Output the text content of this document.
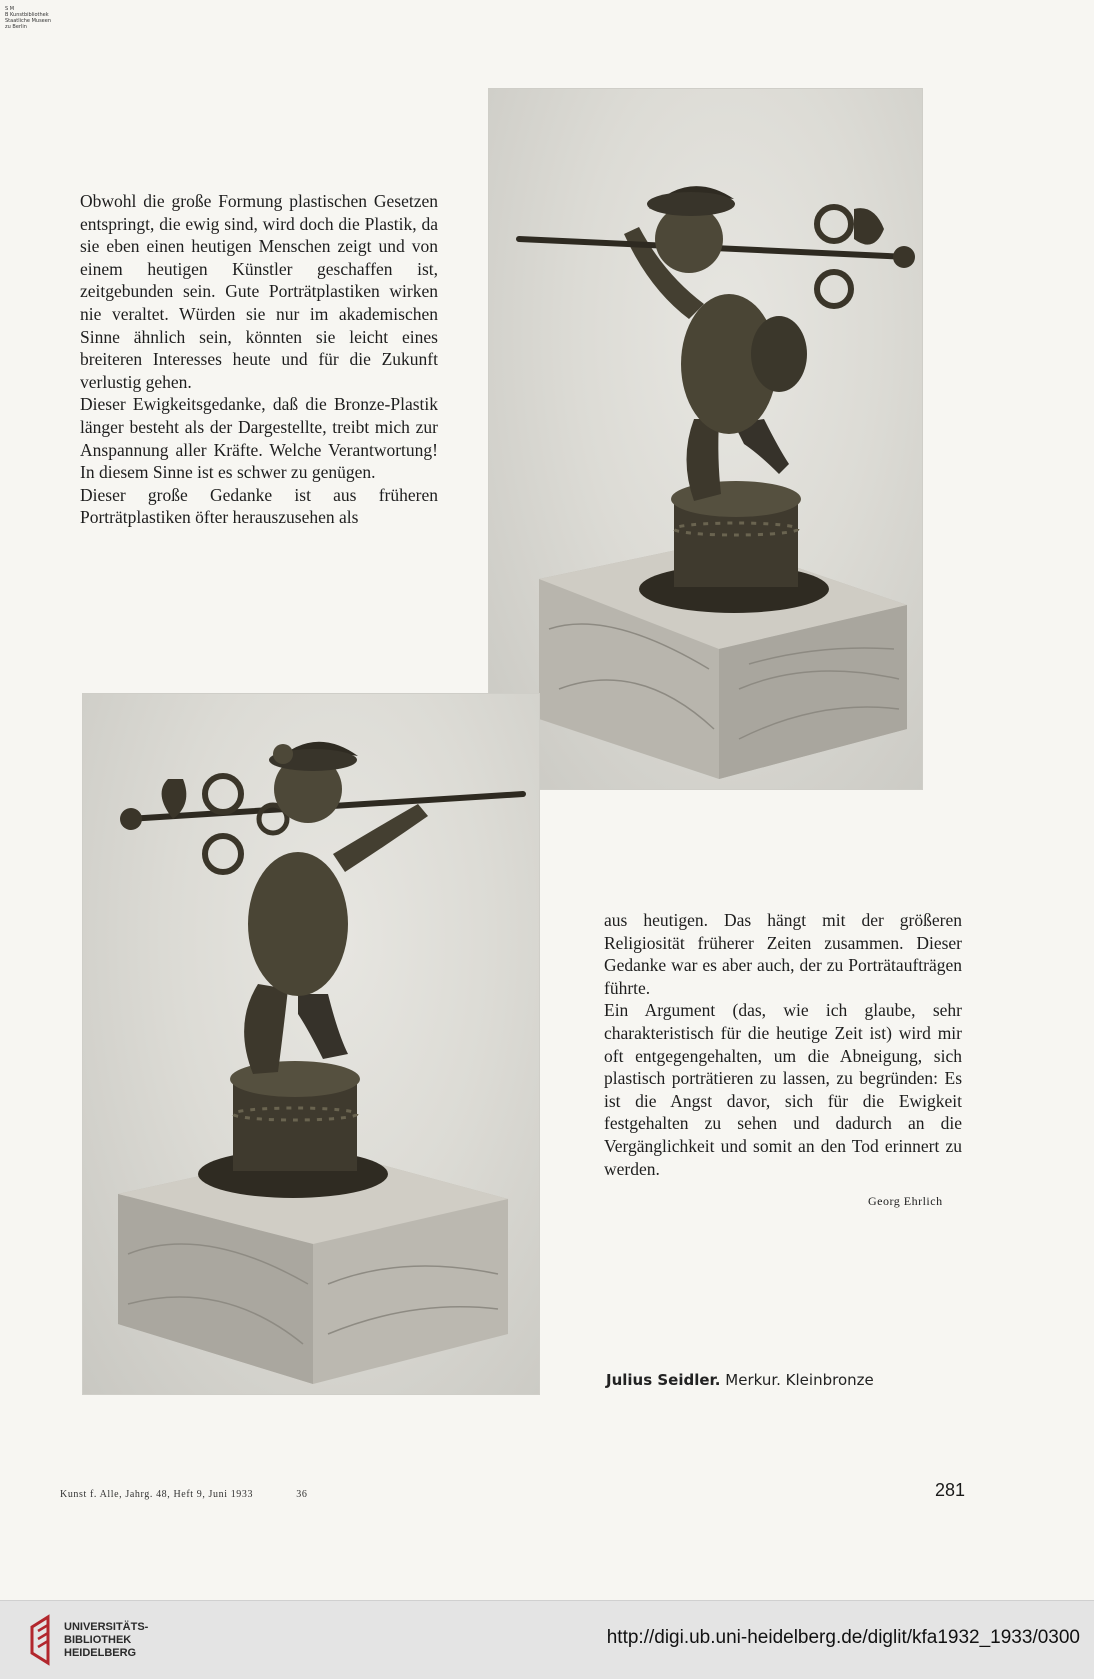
S M
B Kunstbibliothek
Staatliche Museen
zu Berlin

Obwohl die große Formung plastischen Gesetzen entspringt, die ewig sind, wird doch die Plastik, da sie eben einen heutigen Menschen zeigt und von einem heutigen Künstler geschaffen ist, zeitgebunden sein. Gute Porträtplastiken wirken nie veraltet. Würden sie nur im akademischen Sinne ähnlich sein, könnten sie leicht eines breiteren Interesses heute und für die Zukunft verlustig gehen.

Dieser Ewigkeitsgedanke, daß die Bronze-Plastik länger besteht als der Dargestellte, treibt mich zur Anspannung aller Kräfte. Welche Verantwortung! In diesem Sinne ist es schwer zu genügen.

Dieser große Gedanke ist aus früheren Porträtplastiken öfter herauszusehen als

aus heutigen. Das hängt mit der größeren Religiosität früherer Zeiten zusammen. Dieser Gedanke war es aber auch, der zu Porträtaufträgen führte.

Ein Argument (das, wie ich glaube, sehr charakteristisch für die heutige Zeit ist) wird mir oft entgegengehalten, um die Abneigung, sich plastisch porträtieren zu lassen, zu begründen: Es ist die Angst davor, sich für die Ewigkeit festgehalten zu sehen und dadurch an die Vergänglichkeit und somit an den Tod erinnert zu werden.

Georg Ehrlich
Julius Seidler. Merkur. Kleinbronze
Kunst f. Alle, Jahrg. 48, Heft 9, Juni 1933	36	281
UNIVERSITÄTS-
BIBLIOTHEK
HEIDELBERG
http://digi.ub.uni-heidelberg.de/diglit/kfa1932_1933/0300
